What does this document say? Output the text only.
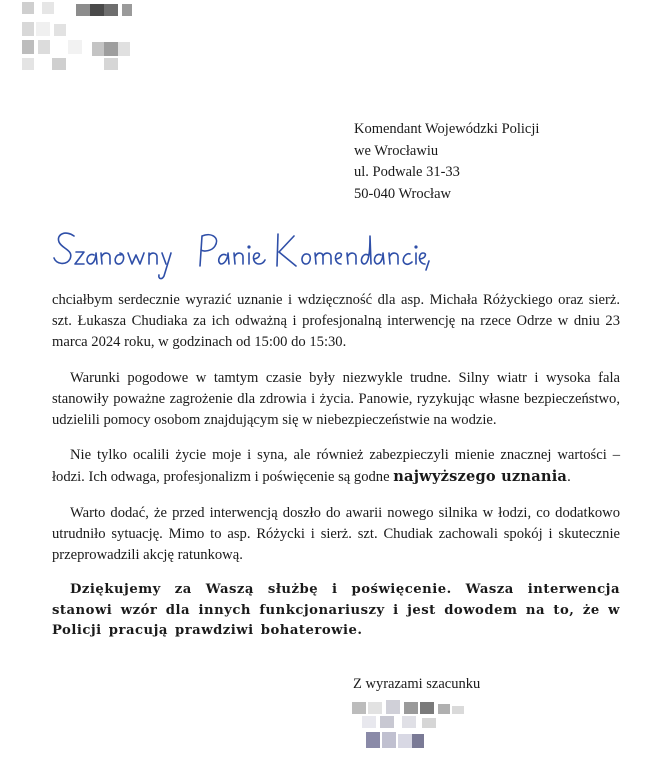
Komendant Wojewódzki Policji
we Wrocławiu
ul. Podwale 31-33
50-040 Wrocław

chciałbym serdecznie wyrazić uznanie i wdzięczność dla asp. Michała Różyckiego oraz sierż. szt. Łukasza Chudiaka za ich odważną i profesjonalną interwencję na rzece Odrze w dniu 23 marca 2024 roku, w godzinach od 15:00 do 15:30.

Warunki pogodowe w tamtym czasie były niezwykle trudne. Silny wiatr i wysoka fala stanowiły poważne zagrożenie dla zdrowia i życia. Panowie, ryzykując własne bezpieczeństwo, udzielili pomocy osobom znajdującym się w niebezpieczeństwie na wodzie.

Nie tylko ocalili życie moje i syna, ale również zabezpieczyli mienie znacznej wartości – łodzi. Ich odwaga, profesjonalizm i poświęcenie są godne najwyższego uznania.

Warto dodać, że przed interwencją doszło do awarii nowego silnika w łodzi, co dodatkowo utrudniło sytuację. Mimo to asp. Różycki i sierż. szt. Chudiak zachowali spokój i skutecznie przeprowadzili akcję ratunkową.

Dziękujemy za Waszą służbę i poświęcenie. Wasza interwencja stanowi wzór dla innych funkcjonariuszy i jest dowodem na to, że w Policji pracują prawdziwi bohaterowie.

Z wyrazami szacunku
